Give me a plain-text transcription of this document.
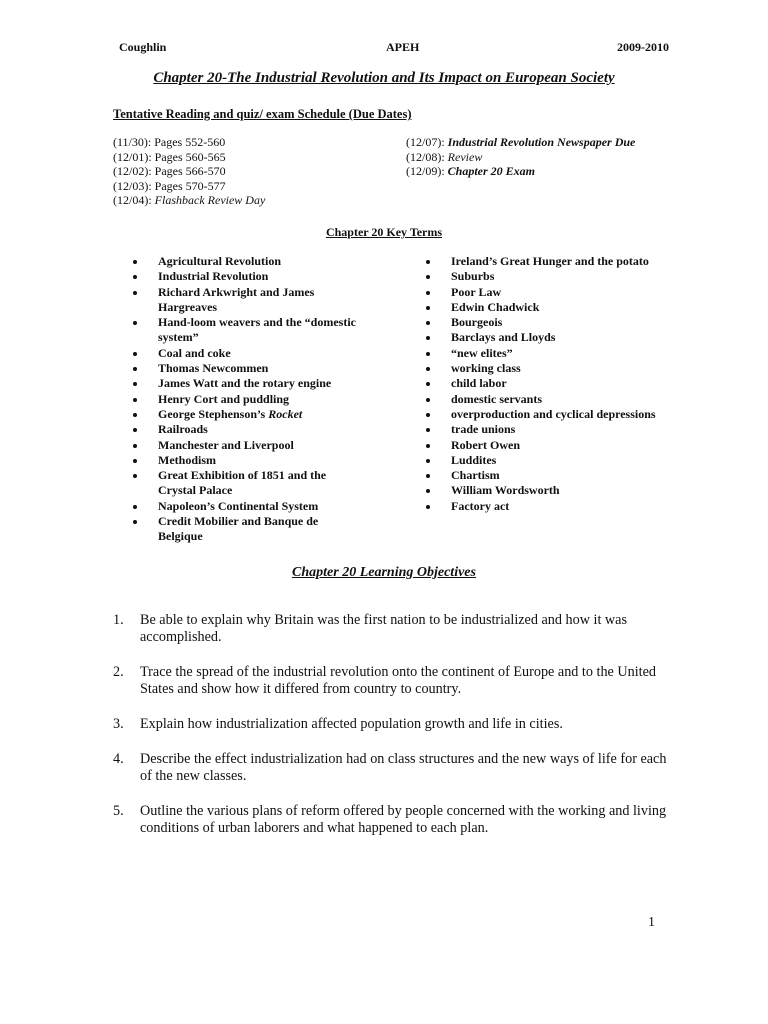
Coughlin	APEH	2009-2010
Chapter 20-The Industrial Revolution and Its Impact on European Society
Tentative Reading and quiz/ exam Schedule (Due Dates)
(11/30): Pages 552-560
(12/01): Pages 560-565
(12/02): Pages 566-570
(12/03): Pages 570-577
(12/04): Flashback Review Day
(12/07): Industrial Revolution Newspaper Due
(12/08): Review
(12/09): Chapter 20 Exam
Chapter 20 Key Terms
Agricultural Revolution
Industrial Revolution
Richard Arkwright and James Hargreaves
Hand-loom weavers and the “domestic system”
Coal and coke
Thomas Newcommen
James Watt and the rotary engine
Henry Cort and puddling
George Stephenson’s Rocket
Railroads
Manchester and Liverpool
Methodism
Great Exhibition of 1851 and the Crystal Palace
Napoleon’s Continental System
Credit Mobilier and Banque de Belgique
Ireland’s Great Hunger and the potato
Suburbs
Poor Law
Edwin Chadwick
Bourgeois
Barclays and Lloyds
“new elites”
working class
child labor
domestic servants
overproduction and cyclical depressions
trade unions
Robert Owen
Luddites
Chartism
William Wordsworth
Factory act
Chapter 20 Learning Objectives
1. Be able to explain why Britain was the first nation to be industrialized and how it was accomplished.
2. Trace the spread of the industrial revolution onto the continent of Europe and to the United States and show how it differed from country to country.
3. Explain how industrialization affected population growth and life in cities.
4. Describe the effect industrialization had on class structures and the new ways of life for each of the new classes.
5. Outline the various plans of reform offered by people concerned with the working and living conditions of urban laborers and what happened to each plan.
1
